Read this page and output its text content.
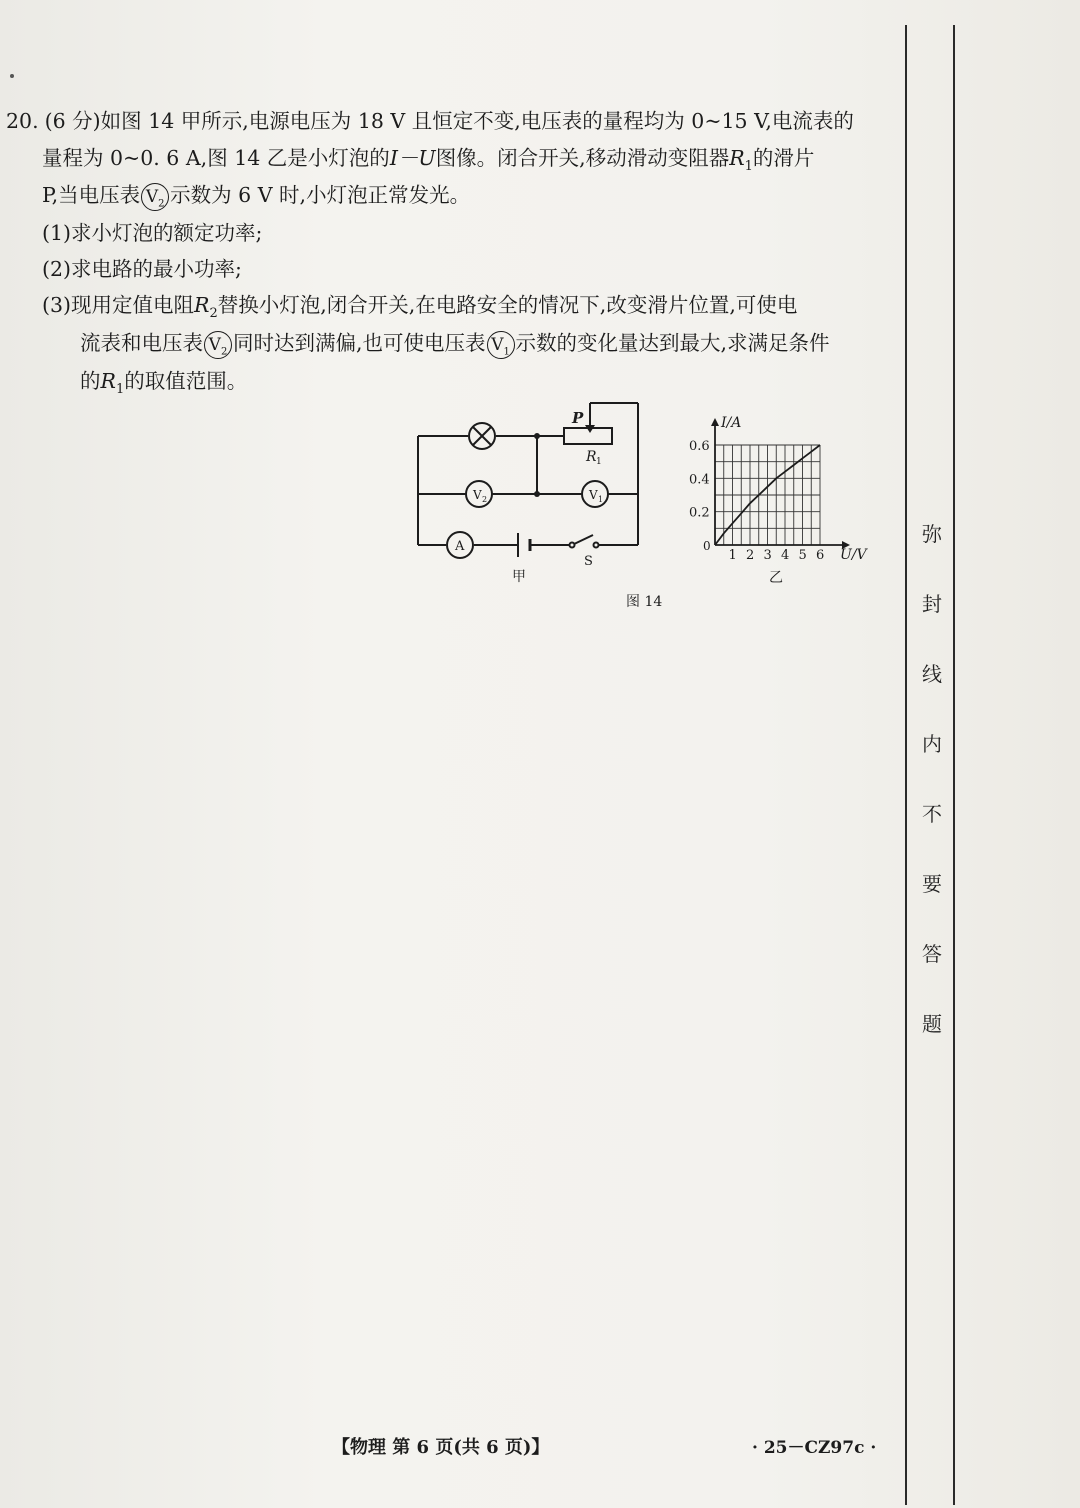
20. (6 分)如图 14 甲所示,电源电压为 18 V 且恒定不变,电压表的量程均为 0~15 V,电流表的
量程为 0~0. 6 A,图 14 乙是小灯泡的I－U图像。闭合开关,移动滑动变阻器$R_1$的滑片
P,当电压表 $V_2$ 示数为 6 V 时,小灯泡正常发光。
(1)求小灯泡的额定功率;
(2)求电路的最小功率;
(3)现用定值电阻$R_2$替换小灯泡,闭合开关,在电路安全的情况下,改变滑片位置,可使电
流表和电压表 $V_2$ 同时达到满偏,也可使电压表 $V_1$ 示数的变化量达到最大,求满足条件
的$R_1$的取值范围。
P
R 1
V 2	V 1
A
S
甲
图 14
1 2 3 4 5 6
0.2
0.4
0.6
I/A
U/V
0
乙
弥
封
线
内
不
要
答
题
【物理 第 6 页(共 6 页)】	· 25－CZ97c ·
